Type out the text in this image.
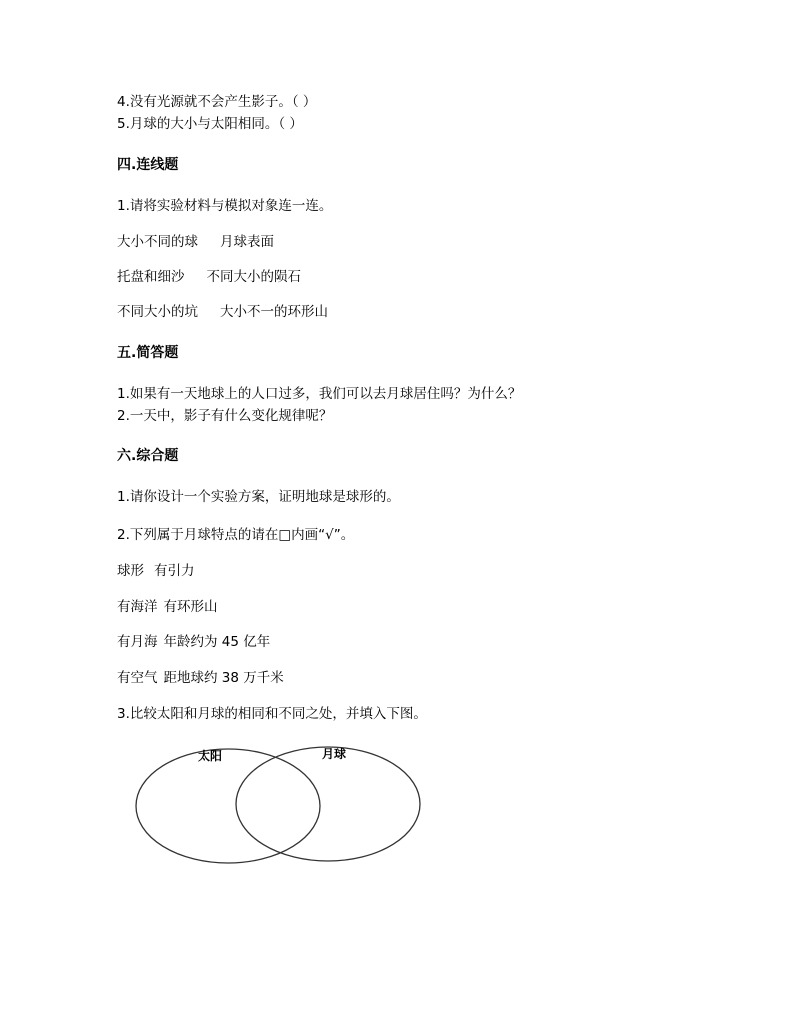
4.没有光源就不会产生影子。（ ）
5.月球的大小与太阳相同。（ ）
四.连线题
1.请将实验材料与模拟对象连一连。
大小不同的球 月球表面
托盘和细沙 不同大小的陨石
不同大小的坑 大小不一的环形山
五.简答题
1.如果有一天地球上的人口过多，我们可以去月球居住吗？为什么？
2.一天中，影子有什么变化规律呢？
六.综合题
1.请你设计一个实验方案，证明地球是球形的。
2.下列属于月球特点的请在□内画“√”。
球形 有引力
有海洋 有环形山
有月海 年龄约为 45 亿年
有空气 距地球约 38 万千米
3.比较太阳和月球的相同和不同之处，并填入下图。
太阳	月球
